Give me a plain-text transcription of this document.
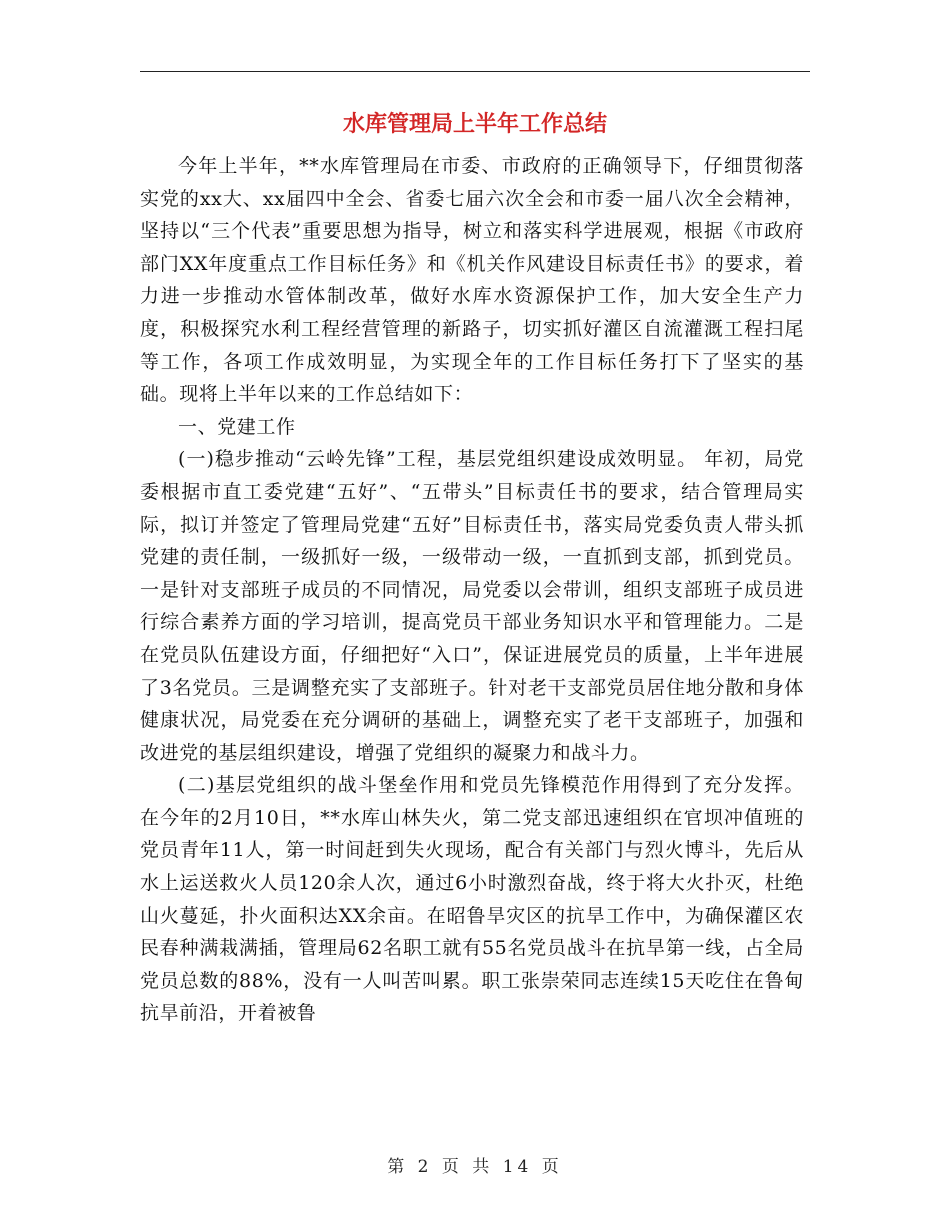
水库管理局上半年工作总结

今年上半年，**水库管理局在市委、市政府的正确领导下，仔细贯彻落实党的xx大、xx届四中全会、省委七届六次全会和市委一届八次全会精神，坚持以“三个代表”重要思想为指导，树立和落实科学进展观，根据《市政府部门XX年度重点工作目标任务》和《机关作风建设目标责任书》的要求，着力进一步推动水管体制改革，做好水库水资源保护工作，加大安全生产力度，积极探究水利工程经营管理的新路子，切实抓好灌区自流灌溉工程扫尾等工作，各项工作成效明显，为实现全年的工作目标任务打下了坚实的基础。现将上半年以来的工作总结如下：

一、党建工作

(一)稳步推动“云岭先锋”工程，基层党组织建设成效明显。 年初，局党委根据市直工委党建“五好”、“五带头”目标责任书的要求，结合管理局实际，拟订并签定了管理局党建“五好”目标责任书，落实局党委负责人带头抓党建的责任制，一级抓好一级，一级带动一级，一直抓到支部，抓到党员。一是针对支部班子成员的不同情况，局党委以会带训，组织支部班子成员进行综合素养方面的学习培训，提高党员干部业务知识水平和管理能力。二是在党员队伍建设方面，仔细把好“入口”，保证进展党员的质量，上半年进展了3名党员。三是调整充实了支部班子。针对老干支部党员居住地分散和身体健康状况，局党委在充分调研的基础上，调整充实了老干支部班子，加强和改进党的基层组织建设，增强了党组织的凝聚力和战斗力。

(二)基层党组织的战斗堡垒作用和党员先锋模范作用得到了充分发挥。 在今年的2月10日，**水库山林失火，第二党支部迅速组织在官坝冲值班的党员青年11人，第一时间赶到失火现场，配合有关部门与烈火博斗，先后从水上运送救火人员120余人次，通过6小时激烈奋战，终于将大火扑灭，杜绝山火蔓延，扑火面积达XX余亩。在昭鲁旱灾区的抗旱工作中，为确保灌区农民春种满栽满插，管理局62名职工就有55名党员战斗在抗旱第一线，占全局党员总数的88%，没有一人叫苦叫累。职工张崇荣同志连续15天吃住在鲁甸抗旱前沿，开着被鲁

第 2 页 共 14 页
